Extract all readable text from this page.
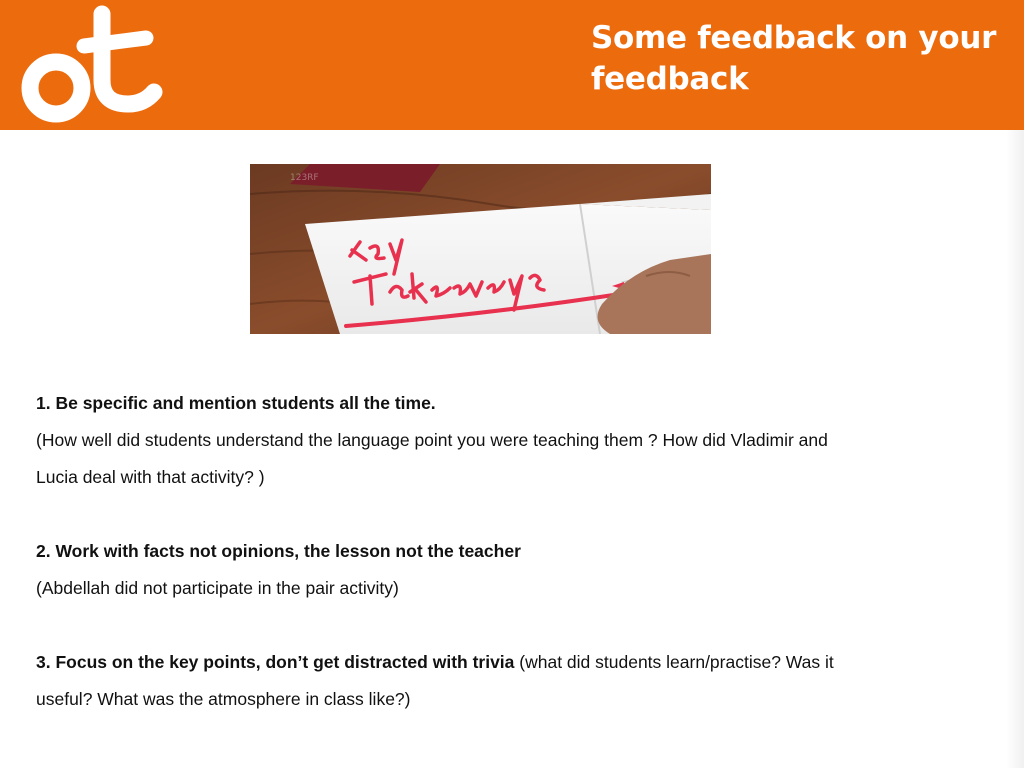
Some feedback on your feedback
123RF

1. Be specific and mention students all the time.
(How well did students understand the language point you were teaching them ? How did Vladimir and
Lucia deal with that activity? )

2. Work with facts not opinions, the lesson not the teacher
(Abdellah did not participate in the pair activity)

3. Focus on the key points, don’t get distracted with trivia (what did students learn/practise? Was it
useful? What was the atmosphere in class like?)
